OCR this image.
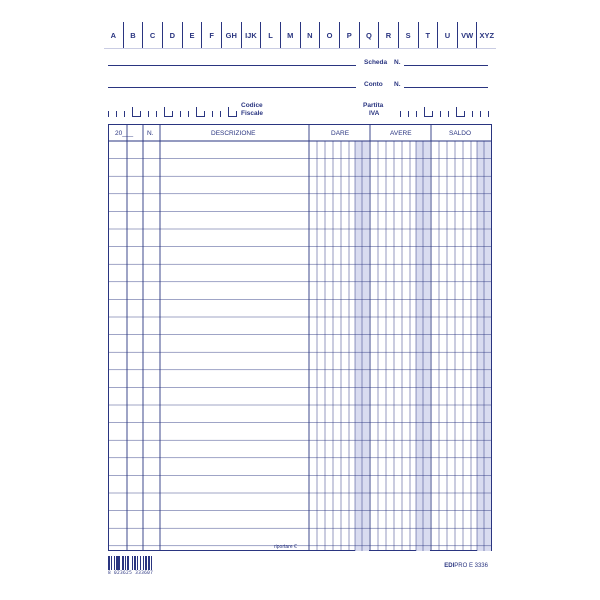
A	B	C	D	E	F	GH	IJK	L	M	N	O	P	Q	R	S	T	U	VW XYZ
Scheda N.
Conto N.
Codice
Fiscale
Partita
IVA
20___ N.	DESCRIZIONE	DARE	AVERE	SALDO
riportare €
8 023625 333607
EDIPRO E 3336
